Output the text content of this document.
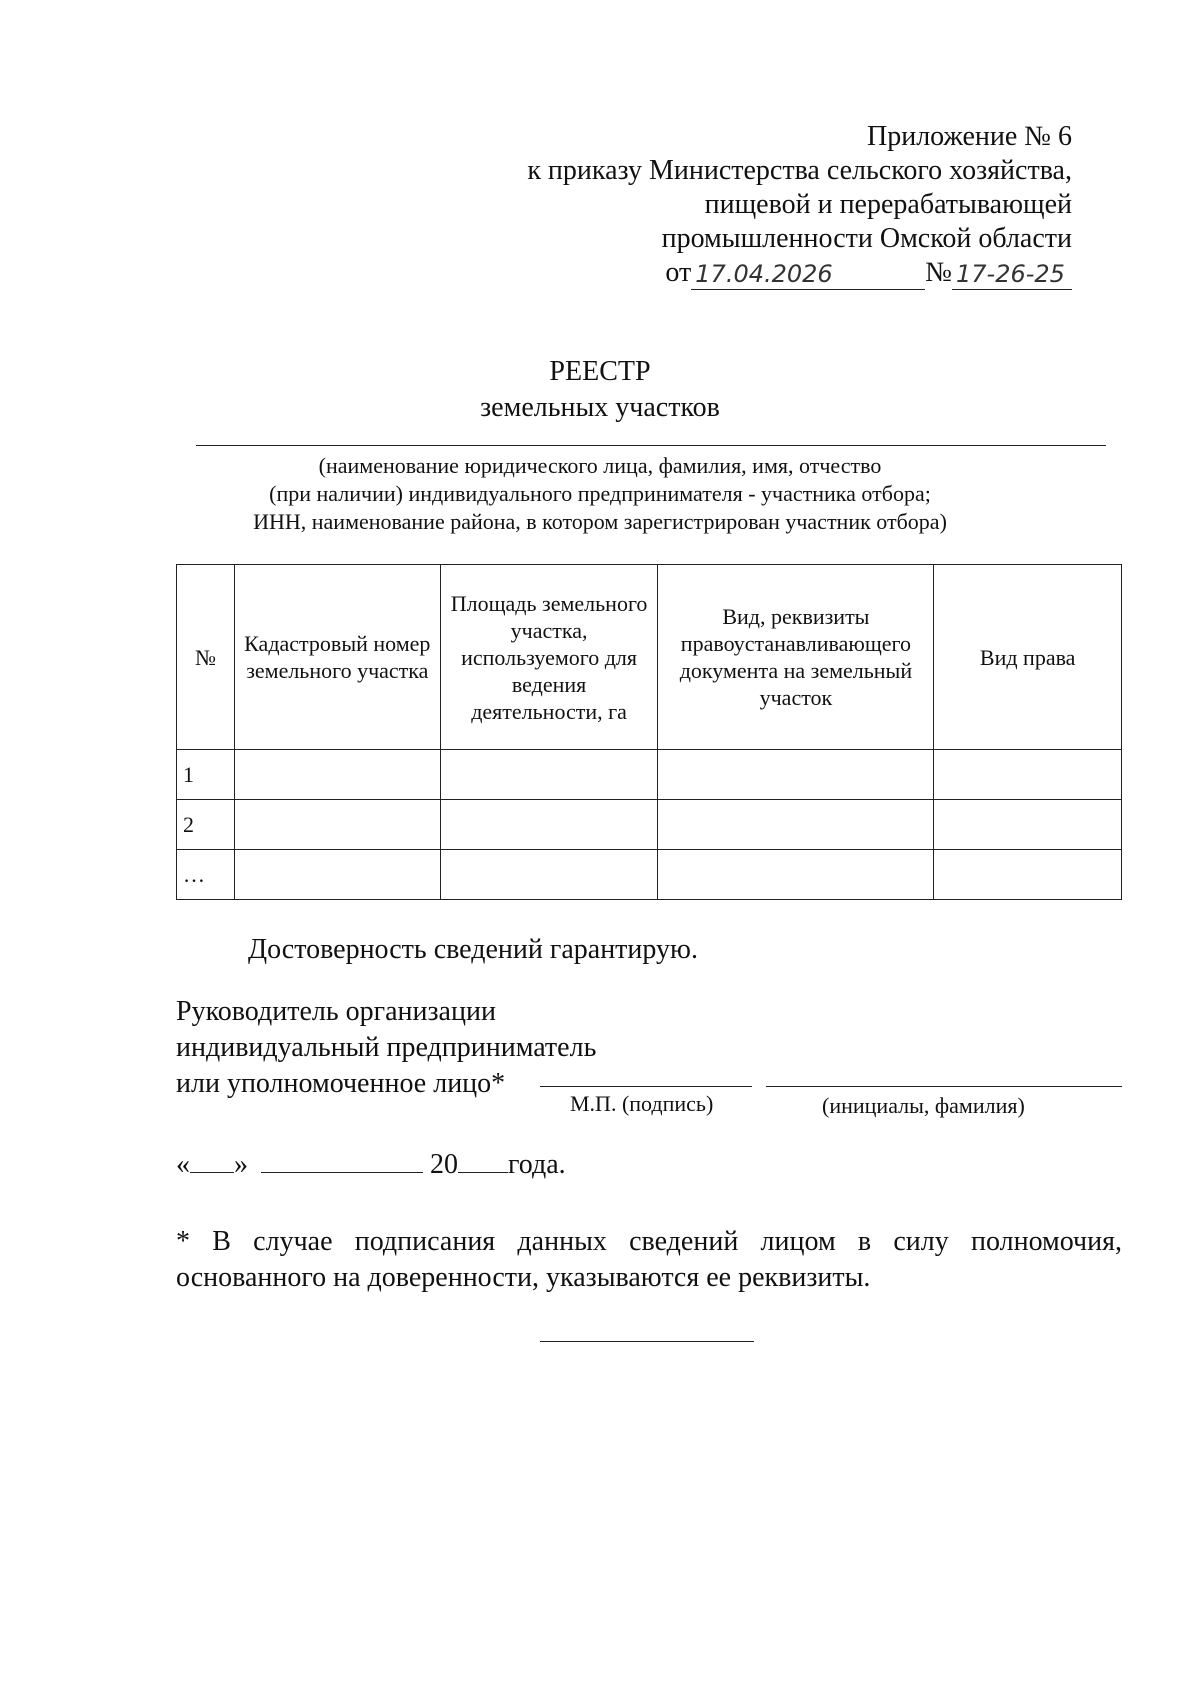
Приложение № 6
к приказу Министерства сельского хозяйства,
пищевой и перерабатывающей
промышленности Омской области
от 17.04.2026	№ 17-26-25
РЕЕСТР
земельных участков
(наименование юридического лица, фамилия, имя, отчество
(при наличии) индивидуального предпринимателя - участника отбора;
ИНН, наименование района, в котором зарегистрирован участник отбора)
№	Кадастровый номер земельного участка	Площадь земельного участка, используемого для ведения деятельности, га	Вид, реквизиты правоустанавливающего документа на земельный участок	Вид права
1				
2				
…				
Достоверность сведений гарантирую.
Руководитель организации
индивидуальный предприниматель
или уполномоченное лицо*
М.П. (подпись)	(инициалы, фамилия)
« »	20 года.
* В случае подписания данных сведений лицом в силу полномочия, основанного на доверенности, указываются ее реквизиты.
